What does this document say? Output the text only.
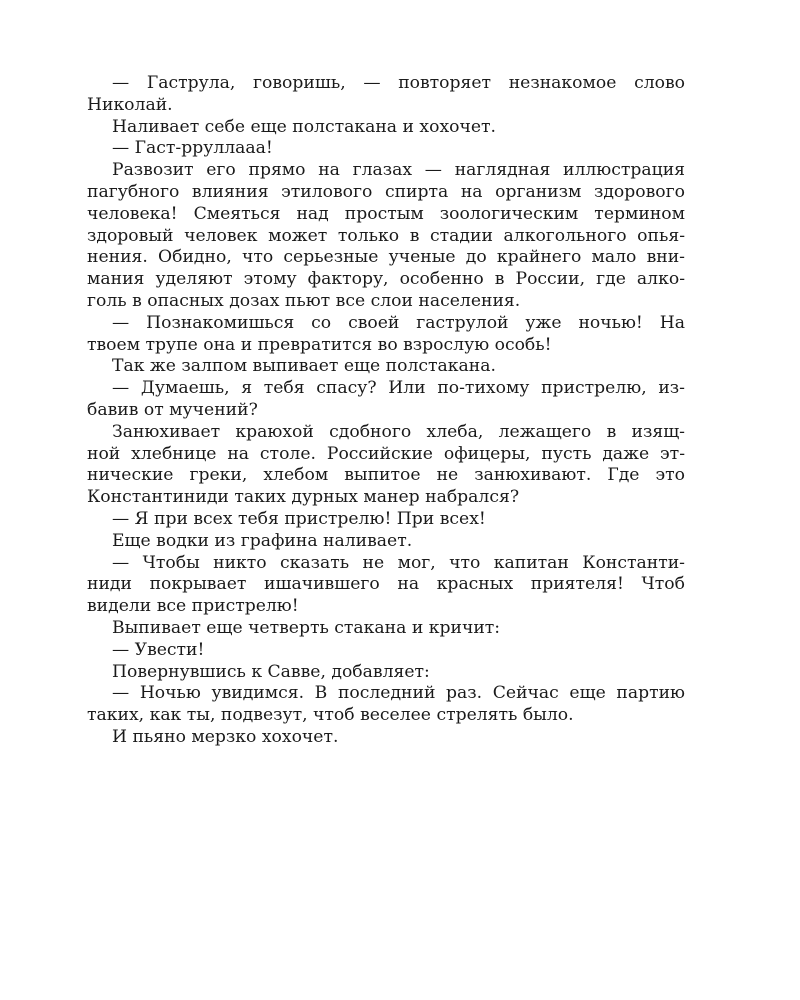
— Гаструла, говоришь, — повторяет незнакомое слово
Николай.
Наливает себе еще полстакана и хохочет.
— Гаст-рруллааа!
Развозит его прямо на глазах — наглядная иллюстрация
пагубного влияния этилового спирта на организм здорового
человека! Смеяться над простым зоологическим термином
здоровый человек может только в стадии алкогольного опья-
нения. Обидно, что серьезные ученые до крайнего мало вни-
мания уделяют этому фактору, особенно в России, где алко-
голь в опасных дозах пьют все слои населения.
— Познакомишься со своей гаструлой уже ночью! На
твоем трупе она и превратится во взрослую особь!
Так же залпом выпивает еще полстакана.
— Думаешь, я тебя спасу? Или по-тихому пристрелю, из-
бавив от мучений?
Занюхивает краюхой сдобного хлеба, лежащего в изящ-
ной хлебнице на столе. Российские офицеры, пусть даже эт-
нические греки, хлебом выпитое не занюхивают. Где это
Константиниди таких дурных манер набрался?
— Я при всех тебя пристрелю! При всех!
Еще водки из графина наливает.
— Чтобы никто сказать не мог, что капитан Константи-
ниди покрывает ишачившего на красных приятеля! Чтоб
видели все пристрелю!
Выпивает еще четверть стакана и кричит:
— Увести!
Повернувшись к Савве, добавляет:
— Ночью увидимся. В последний раз. Сейчас еще партию
таких, как ты, подвезут, чтоб веселее стрелять было.
И пьяно мерзко хохочет.
